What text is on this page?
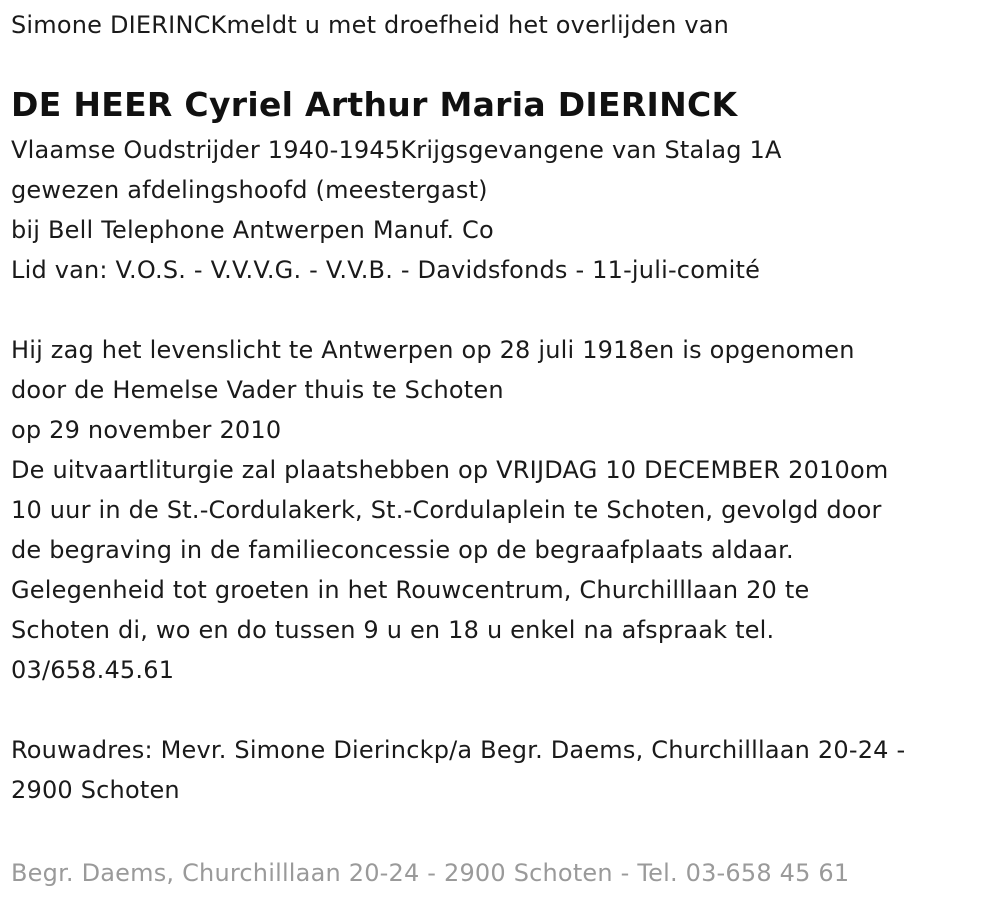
Simone DIERINCKmeldt u met droefheid het overlijden van
DE HEER Cyriel Arthur Maria DIERINCK
Vlaamse Oudstrijder 1940-1945Krijgsgevangene van Stalag 1A
gewezen afdelingshoofd (meestergast)
bij Bell Telephone Antwerpen Manuf. Co
Lid van: V.O.S. - V.V.V.G. - V.V.B. - Davidsfonds - 11-juli-comité
Hij zag het levenslicht te Antwerpen op 28 juli 1918en is opgenomen
door de Hemelse Vader thuis te Schoten
op 29 november 2010
De uitvaartliturgie zal plaatshebben op VRIJDAG 10 DECEMBER 2010om
10 uur in de St.-Cordulakerk, St.-Cordulaplein te Schoten, gevolgd door
de begraving in de familieconcessie op de begraafplaats aldaar.
Gelegenheid tot groeten in het Rouwcentrum, Churchilllaan 20 te
Schoten di, wo en do tussen 9 u en 18 u enkel na afspraak tel.
03/658.45.61
Rouwadres: Mevr. Simone Dierinckp/a Begr. Daems, Churchilllaan 20-24 -
2900 Schoten
Begr. Daems, Churchilllaan 20-24 - 2900 Schoten - Tel. 03-658 45 61
